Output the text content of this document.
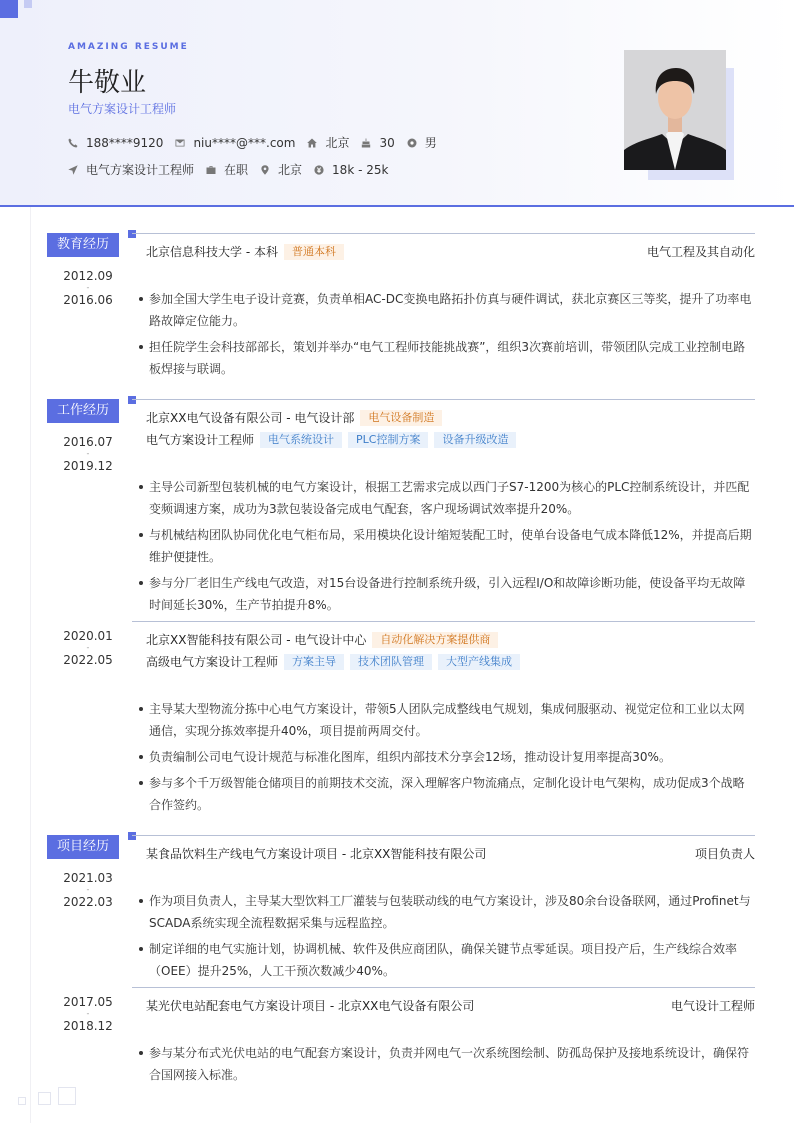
AMAZING RESUME
牛敬业
电气方案设计工程师
188****9120	niu****@***.com	北京	30	男
电气方案设计工程师	在职	北京	18k - 25k
教育经历
2012.09
-
2016.06
北京信息科技大学 - 本科	普通本科	电气工程及其自动化
参加全国大学生电子设计竞赛，负责单相AC-DC变换电路拓扑仿真与硬件调试，获北京赛区三等奖，提升了功率电路故障定位能力。
担任院学生会科技部部长，策划并举办“电气工程师技能挑战赛”，组织3次赛前培训，带领团队完成工业控制电路板焊接与联调。
工作经历
2016.07
-
2019.12
北京XX电气设备有限公司 - 电气设计部	电气设备制造
电气方案设计工程师	电气系统设计	PLC控制方案	设备升级改造
主导公司新型包装机械的电气方案设计，根据工艺需求完成以西门子S7-1200为核心的PLC控制系统设计，并匹配变频调速方案，成功为3款包装设备完成电气配套，客户现场调试效率提升20%。
与机械结构团队协同优化电气柜布局，采用模块化设计缩短装配工时，使单台设备电气成本降低12%，并提高后期维护便捷性。
参与分厂老旧生产线电气改造，对15台设备进行控制系统升级，引入远程I/O和故障诊断功能，使设备平均无故障时间延长30%，生产节拍提升8%。
2020.01
-
2022.05
北京XX智能科技有限公司 - 电气设计中心	自动化解决方案提供商
高级电气方案设计工程师	方案主导	技术团队管理	大型产线集成
主导某大型物流分拣中心电气方案设计，带领5人团队完成整线电气规划，集成伺服驱动、视觉定位和工业以太网通信，实现分拣效率提升40%，项目提前两周交付。
负责编制公司电气设计规范与标准化图库，组织内部技术分享会12场，推动设计复用率提高30%。
参与多个千万级智能仓储项目的前期技术交流，深入理解客户物流痛点，定制化设计电气架构，成功促成3个战略合作签约。
项目经历
2021.03
-
2022.03
某食品饮料生产线电气方案设计项目 - 北京XX智能科技有限公司	项目负责人
作为项目负责人，主导某大型饮料工厂灌装与包装联动线的电气方案设计，涉及80余台设备联网，通过Profinet与SCADA系统实现全流程数据采集与远程监控。
制定详细的电气实施计划，协调机械、软件及供应商团队，确保关键节点零延误。项目投产后，生产线综合效率（OEE）提升25%，人工干预次数减少40%。
2017.05
-
2018.12
某光伏电站配套电气方案设计项目 - 北京XX电气设备有限公司	电气设计工程师
参与某分布式光伏电站的电气配套方案设计，负责并网电气一次系统图绘制、防孤岛保护及接地系统设计，确保符合国网接入标准。
